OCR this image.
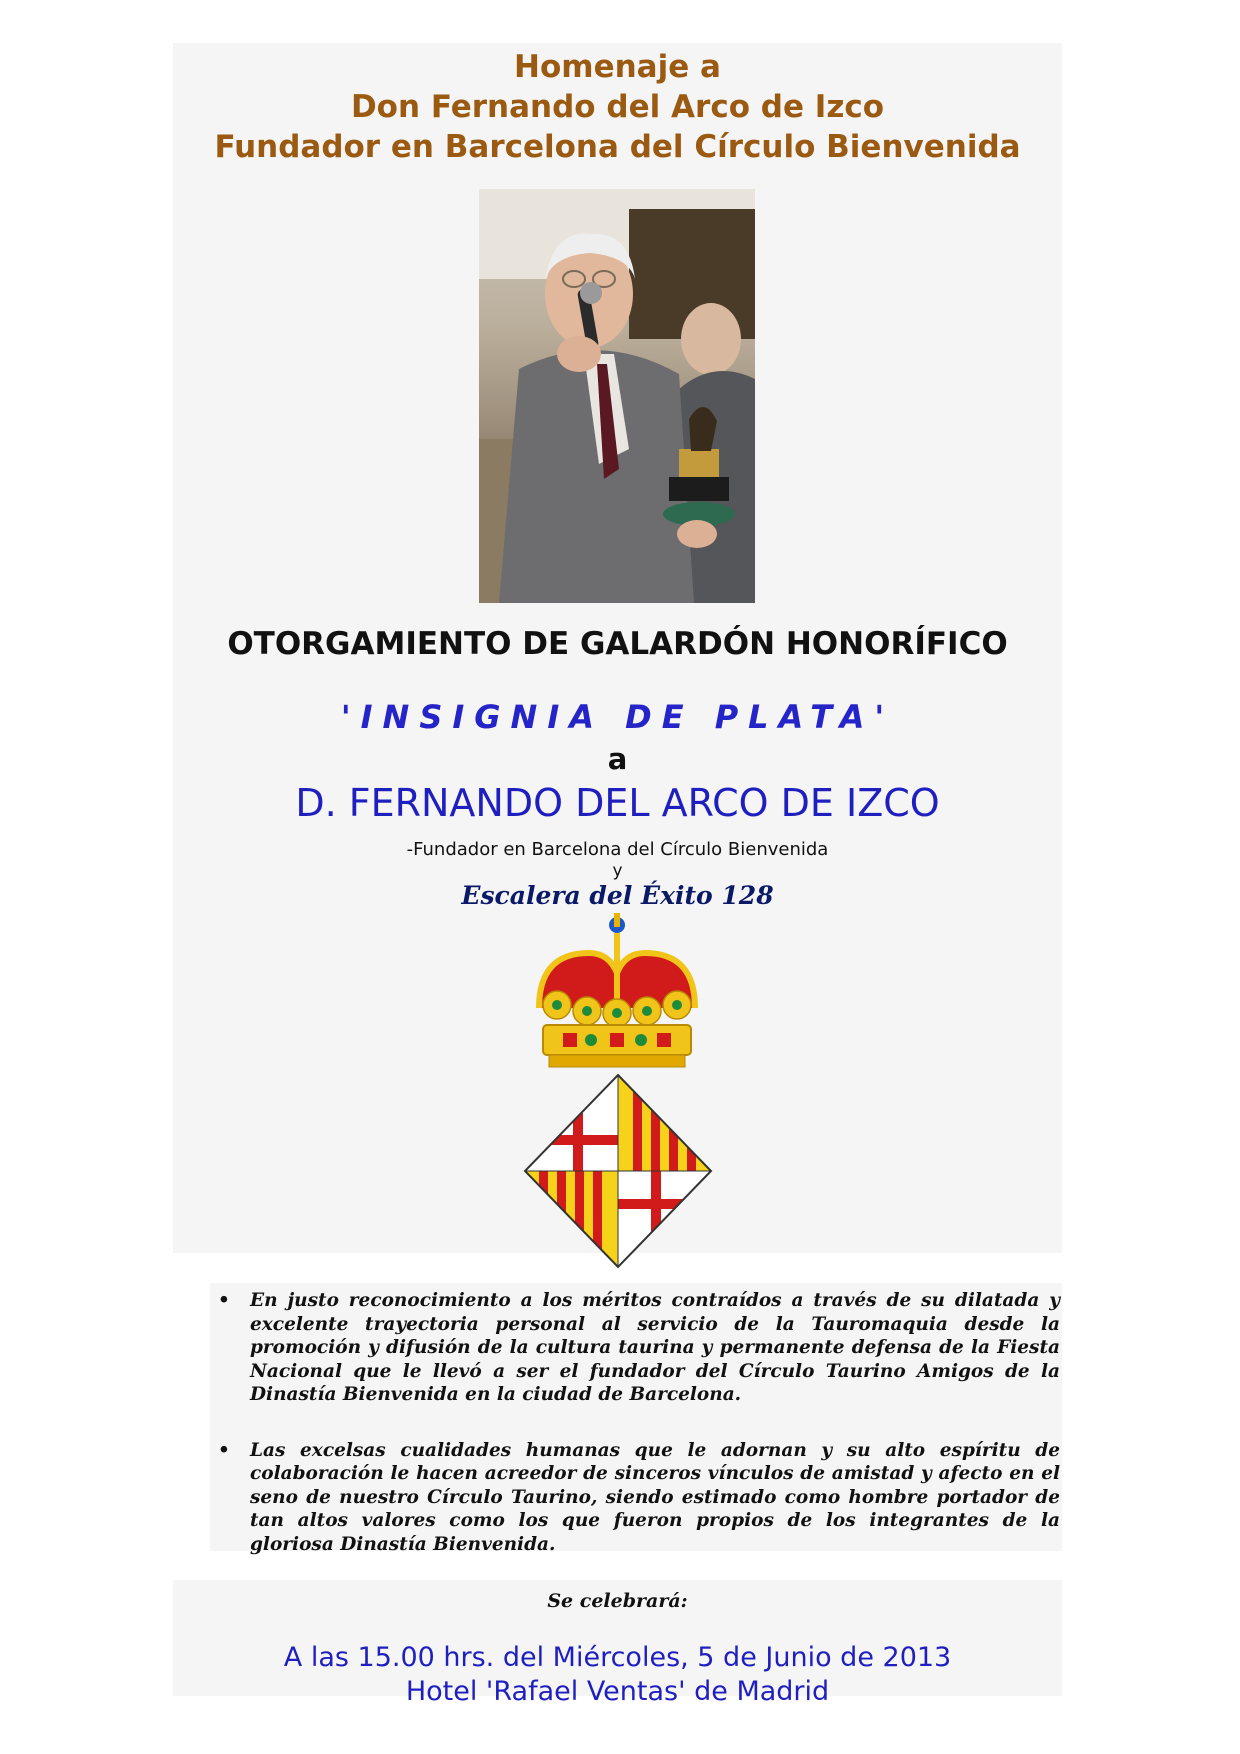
Homenaje a
Don Fernando del Arco de Izco
Fundador en Barcelona del Círculo Bienvenida
OTORGAMIENTO DE GALARDÓN HONORÍFICO
'INSIGNIA DE PLATA'
a
D. FERNANDO DEL ARCO DE IZCO
-Fundador en Barcelona del Círculo Bienvenida
y
Escalera del Éxito 128
• En justo reconocimiento a los méritos contraídos a través de su dilatada y excelente trayectoria personal al servicio de la Tauromaquia desde la promoción y difusión de la cultura taurina y permanente defensa de la Fiesta Nacional que le llevó a ser el fundador del Círculo Taurino Amigos de la Dinastía Bienvenida en la ciudad de Barcelona.
• Las excelsas cualidades humanas que le adornan y su alto espíritu de colaboración le hacen acreedor de sinceros vínculos de amistad y afecto en el seno de nuestro Círculo Taurino, siendo estimado como hombre portador de tan altos valores como los que fueron propios de los integrantes de la gloriosa Dinastía Bienvenida.
Se celebrará:
A las 15.00 hrs. del Miércoles, 5 de Junio de 2013
Hotel 'Rafael Ventas' de Madrid
